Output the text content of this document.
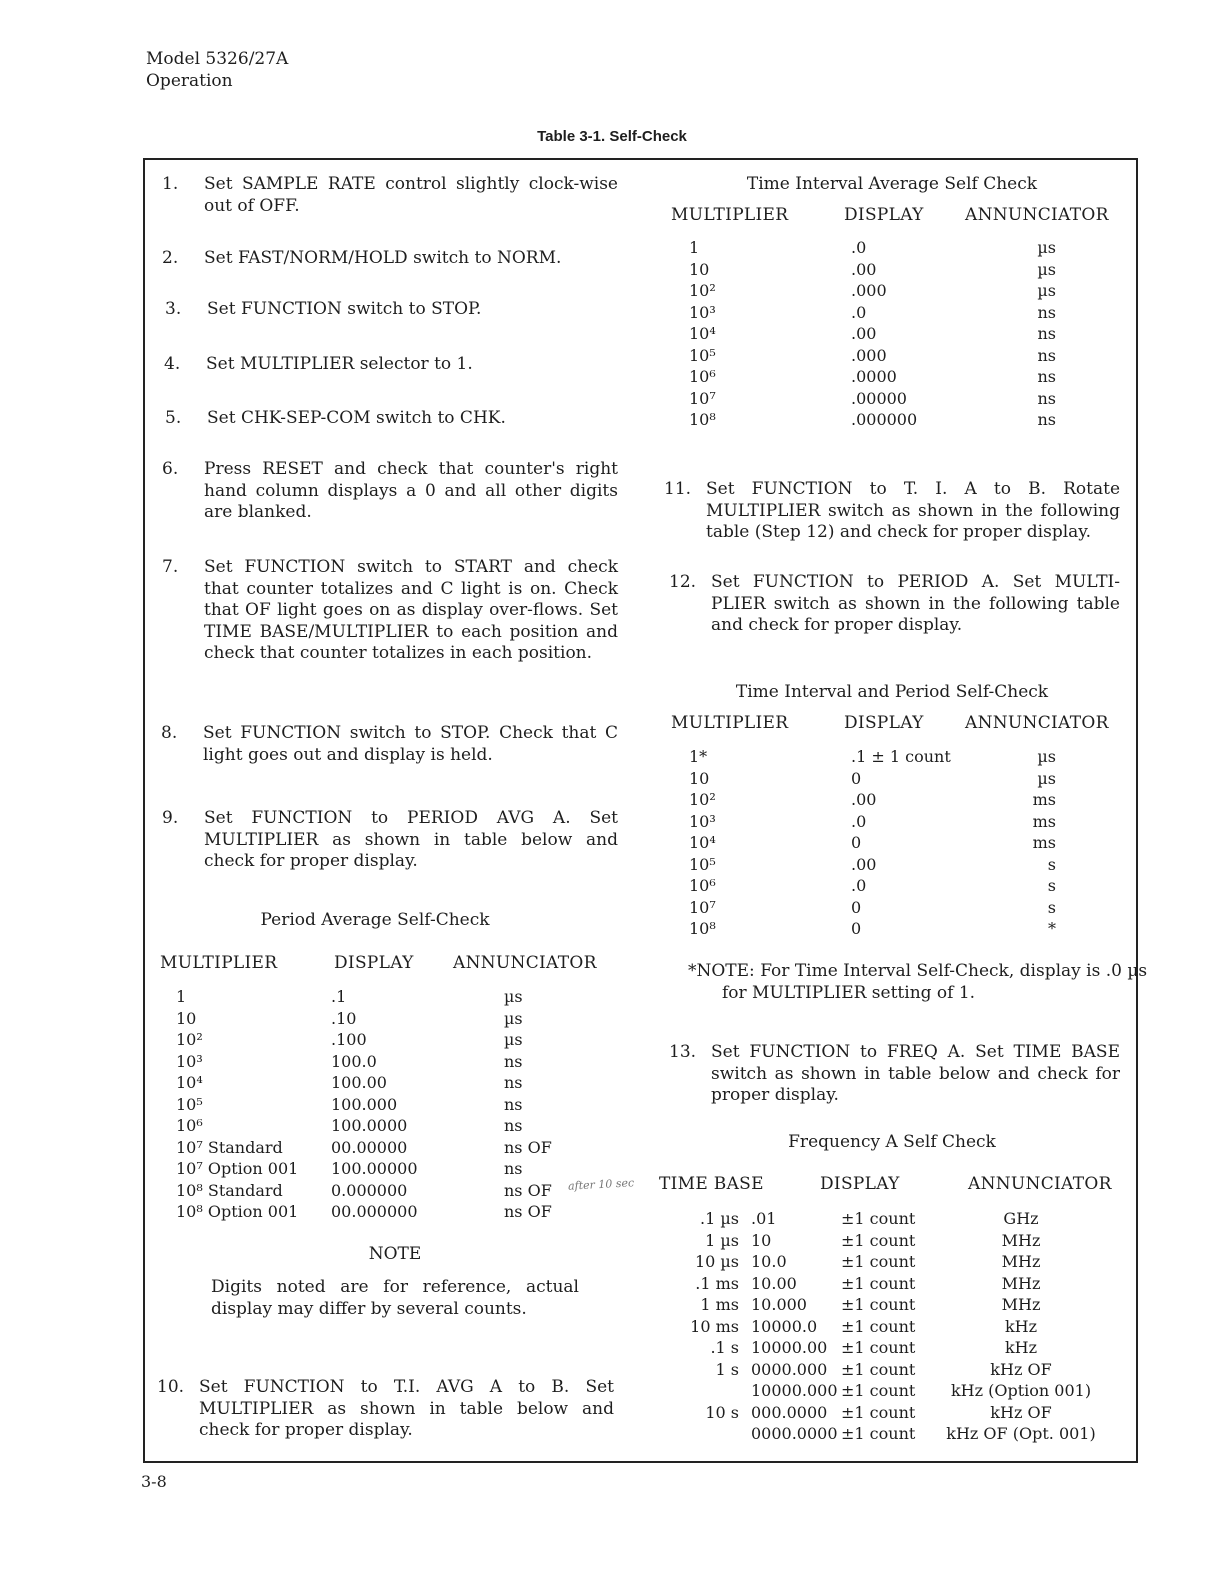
Model 5326/27A
Operation
Table 3-1. Self-Check
1. Set SAMPLE RATE control slightly clock-wise out of OFF.
2. Set FAST/NORM/HOLD switch to NORM.
3. Set FUNCTION switch to STOP.
4. Set MULTIPLIER selector to 1.
5. Set CHK-SEP-COM switch to CHK.
6. Press RESET and check that counter's right hand column displays a 0 and all other digits are blanked.
7. Set FUNCTION switch to START and check that counter totalizes and C light is on. Check that OF light goes on as display over-flows. Set TIME BASE/MULTIPLIER to each position and check that counter totalizes in each position.
8. Set FUNCTION switch to STOP. Check that C light goes out and display is held.
9. Set FUNCTION to PERIOD AVG A. Set MULTIPLIER as shown in table below and check for proper display.
Period Average Self-Check
MULTIPLIER	DISPLAY ANNUNCIATOR
1	.1	µs
10	.10	µs
10²	.100	µs
10³	100.0	ns
10⁴	100.00	ns
10⁵	100.000	ns
10⁶	100.0000	ns
10⁷ Standard	00.00000	ns OF
10⁷ Option 001	100.00000	ns
10⁸ Standard	0.000000	ns OF
10⁸ Option 001	00.000000	ns OF
NOTE
Digits noted are for reference, actual display may differ by several counts.
10. Set FUNCTION to T.I. AVG A to B. Set MULTIPLIER as shown in table below and check for proper display.
Time Interval Average Self Check
MULTIPLIER	DISPLAY ANNUNCIATOR
1	.0	µs
10	.00	µs
10²	.000	µs
10³	.0	ns
10⁴	.00	ns
10⁵	.000	ns
10⁶	.0000	ns
10⁷	.00000	ns
10⁸	.000000	ns
11. Set FUNCTION to T. I. A to B. Rotate MULTIPLIER switch as shown in the following table (Step 12) and check for proper display.
12. Set FUNCTION to PERIOD A. Set MULTI-PLIER switch as shown in the following table and check for proper display.
Time Interval and Period Self-Check
MULTIPLIER	DISPLAY ANNUNCIATOR
1*	.1 ± 1 count	µs
10	0	µs
10²	.00	ms
10³	.0	ms
10⁴	0	ms
10⁵	.00	s
10⁶	.0	s
10⁷	0	s
10⁸	0	*
*NOTE: For Time Interval Self-Check, display is .0 µs for MULTIPLIER setting of 1.
13. Set FUNCTION to FREQ A. Set TIME BASE switch as shown in table below and check for proper display.
Frequency A Self Check
TIME BASE	DISPLAY	ANNUNCIATOR
.1 µs		.01	±1 count	GHz
1 µs		10	±1 count	MHz
10 µs		10.0	±1 count	MHz
.1 ms		10.00	±1 count	MHz
1 ms		10.000	±1 count	MHz
10 ms		10000.0	±1 count	kHz
.1 s		10000.00	±1 count	kHz
1 s		0000.000	±1 count	kHz OF
		10000.000	±1 count	kHz (Option 001)
10 s		000.0000	±1 count	kHz OF
		0000.0000	±1 count	kHz OF (Opt. 001)
after 10 sec
3-8
